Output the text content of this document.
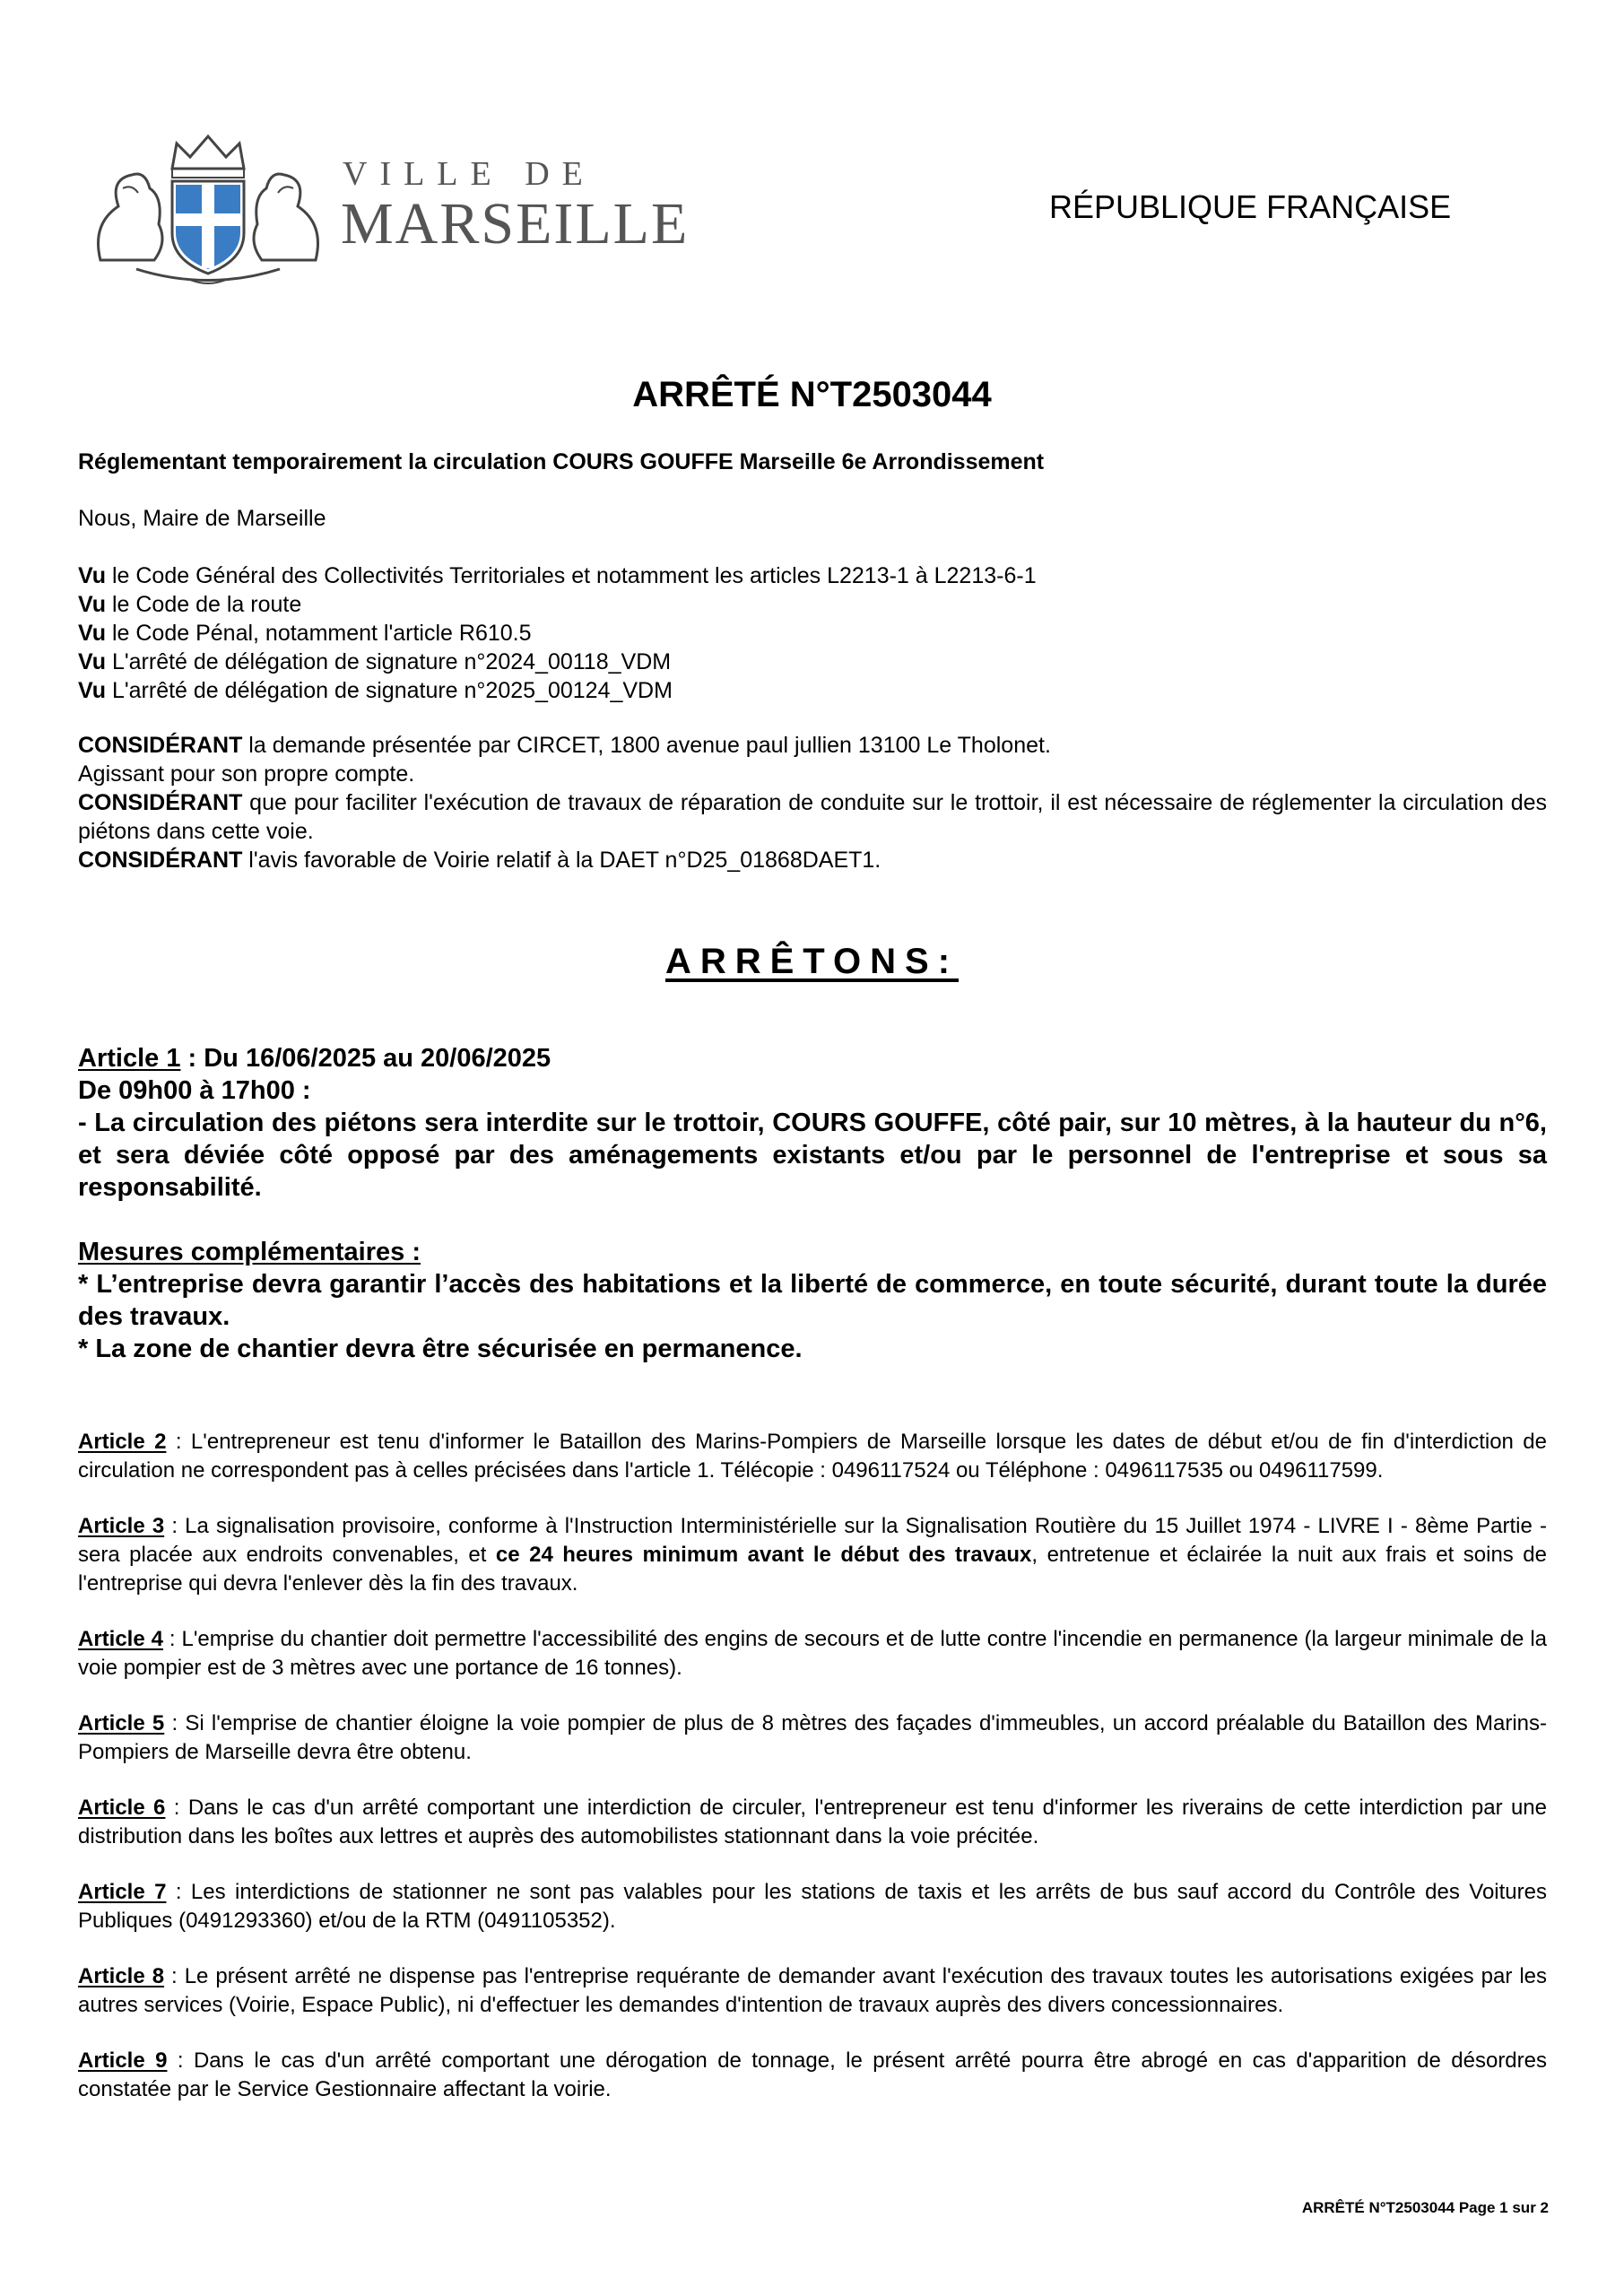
VILLE DE
MARSEILLE	RÉPUBLIQUE FRANÇAISE
ARRÊTÉ N°T2503044
Réglementant temporairement la circulation COURS GOUFFE Marseille 6e Arrondissement
Nous, Maire de Marseille
Vu le Code Général des Collectivités Territoriales et notamment les articles L2213-1 à L2213-6-1
Vu le Code de la route
Vu le Code Pénal, notamment l'article R610.5
Vu L'arrêté de délégation de signature n°2024_00118_VDM
Vu L'arrêté de délégation de signature n°2025_00124_VDM

CONSIDÉRANT la demande présentée par CIRCET, 1800 avenue paul jullien 13100 Le Tholonet.

Agissant pour son propre compte.

CONSIDÉRANT que pour faciliter l'exécution de travaux de réparation de conduite sur le trottoir, il est nécessaire de réglementer la circulation des piétons dans cette voie.

CONSIDÉRANT l'avis favorable de Voirie relatif à la DAET n°D25_01868DAET1.

ARRÊTONS:

Article 1 : Du 16/06/2025 au 20/06/2025

De 09h00 à 17h00 :

- La circulation des piétons sera interdite sur le trottoir, COURS GOUFFE, côté pair, sur 10 mètres, à la hauteur du n°6, et sera déviée côté opposé par des aménagements existants et/ou par le personnel de l'entreprise et sous sa responsabilité.

Mesures complémentaires :

* L’entreprise devra garantir l’accès des habitations et la liberté de commerce, en toute sécurité, durant toute la durée des travaux.

* La zone de chantier devra être sécurisée en permanence.

Article 2 : L'entrepreneur est tenu d'informer le Bataillon des Marins-Pompiers de Marseille lorsque les dates de début et/ou de fin d'interdiction de circulation ne correspondent pas à celles précisées dans l'article 1. Télécopie : 0496117524 ou Téléphone : 0496117535 ou 0496117599.

Article 3 : La signalisation provisoire, conforme à l'Instruction Interministérielle sur la Signalisation Routière du 15 Juillet 1974 - LIVRE I - 8ème Partie - sera placée aux endroits convenables, et ce 24 heures minimum avant le début des travaux, entretenue et éclairée la nuit aux frais et soins de l'entreprise qui devra l'enlever dès la fin des travaux.

Article 4 : L'emprise du chantier doit permettre l'accessibilité des engins de secours et de lutte contre l'incendie en permanence (la largeur minimale de la voie pompier est de 3 mètres avec une portance de 16 tonnes).

Article 5 : Si l'emprise de chantier éloigne la voie pompier de plus de 8 mètres des façades d'immeubles, un accord préalable du Bataillon des Marins-Pompiers de Marseille devra être obtenu.

Article 6 : Dans le cas d'un arrêté comportant une interdiction de circuler, l'entrepreneur est tenu d'informer les riverains de cette interdiction par une distribution dans les boîtes aux lettres et auprès des automobilistes stationnant dans la voie précitée.

Article 7 : Les interdictions de stationner ne sont pas valables pour les stations de taxis et les arrêts de bus sauf accord du Contrôle des Voitures Publiques (0491293360) et/ou de la RTM (0491105352).

Article 8 : Le présent arrêté ne dispense pas l'entreprise requérante de demander avant l'exécution des travaux toutes les autorisations exigées par les autres services (Voirie, Espace Public), ni d'effectuer les demandes d'intention de travaux auprès des divers concessionnaires.

Article 9 : Dans le cas d'un arrêté comportant une dérogation de tonnage, le présent arrêté pourra être abrogé en cas d'apparition de désordres constatée par le Service Gestionnaire affectant la voirie.

ARRÊTÉ N°T2503044 Page 1 sur 2
